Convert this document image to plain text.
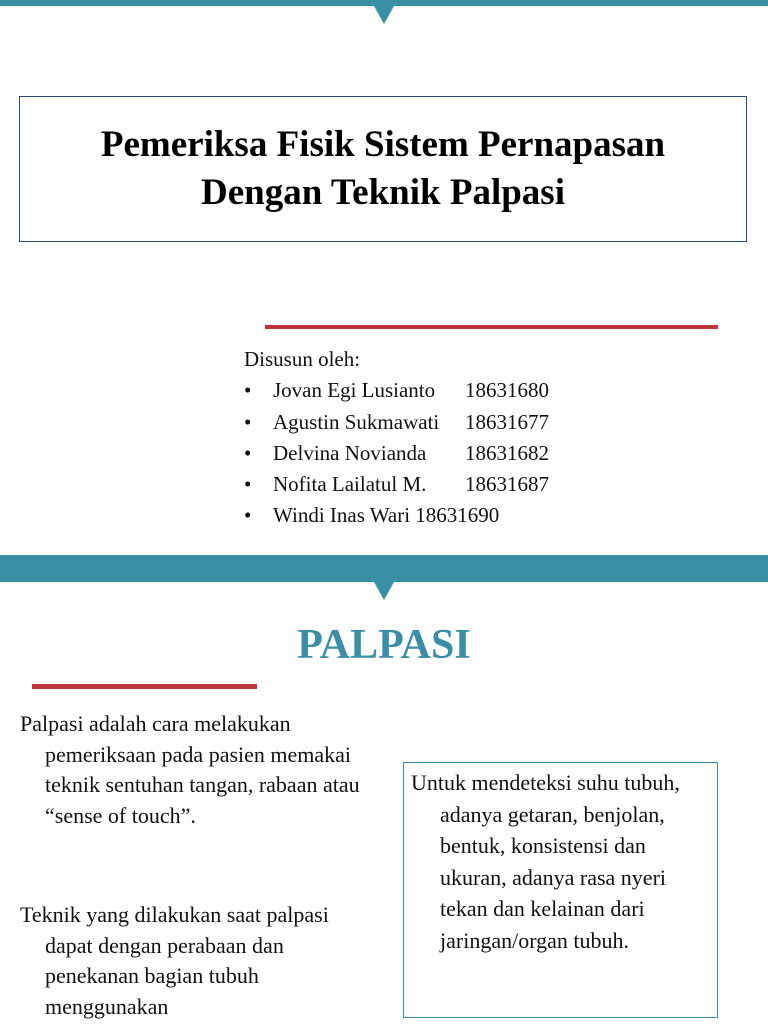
Pemeriksa Fisik Sistem Pernapasan
Dengan Teknik Palpasi
Disusun oleh:
•	Jovan Egi Lusianto	18631680
•	Agustin Sukmawati	18631677
•	Delvina Novianda	18631682
•	Nofita Lailatul M.	18631687
•	Windi Inas Wari 18631690
PALPASI
Palpasi adalah cara melakukan pemeriksaan pada pasien memakai teknik sentuhan tangan, rabaan atau “sense of touch”.
Teknik yang dilakukan saat palpasi dapat dengan perabaan dan penekanan bagian tubuh menggunakan
Untuk mendeteksi suhu tubuh, adanya getaran, benjolan, bentuk, konsistensi dan ukuran, adanya rasa nyeri tekan dan kelainan dari jaringan/organ tubuh.
